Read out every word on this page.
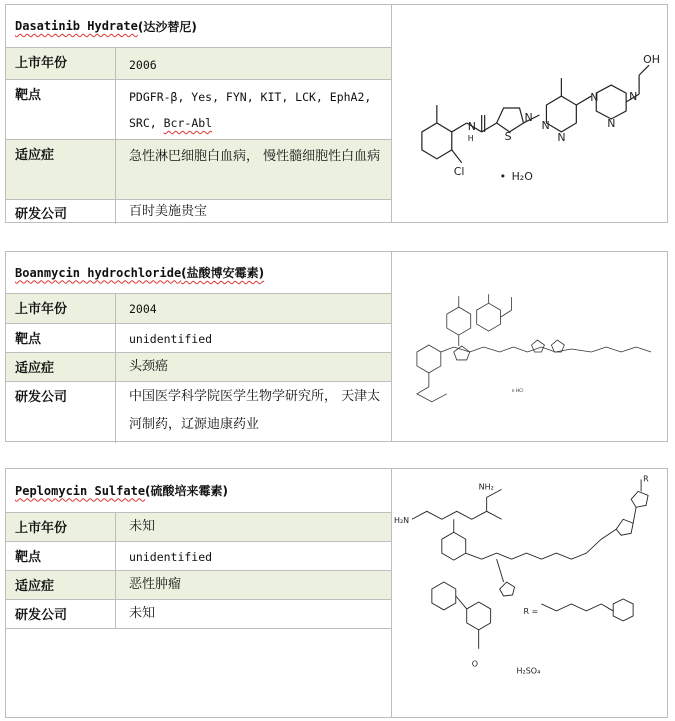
Dasatinib Hydrate (达沙替尼)
上市年份	2006
靶点	PDGFR-β, Yes, FYN, KIT, LCK, EphA2,
SRC, Bcr-Abl
适应症	急性淋巴细胞白血病， 慢性髓细胞性白血病
研发公司	百时美施贵宝
N
H	S
N
N
N
N
N
N
OH
Cl	• H₂O
Boanmycin hydrochloride (盐酸博安霉素)
上市年份	2004
靶点	unidentified
适应症	头颈癌
研发公司	中国医学科学院医学生物学研究所， 天津太河制药，辽源迪康药业
n HCl
Peplomycin Sulfate (硫酸培来霉素)
上市年份	未知
靶点	unidentified
适应症	恶性肿瘤
研发公司	未知
R
NH₂
H₂N
O
R =
H₂SO₄
